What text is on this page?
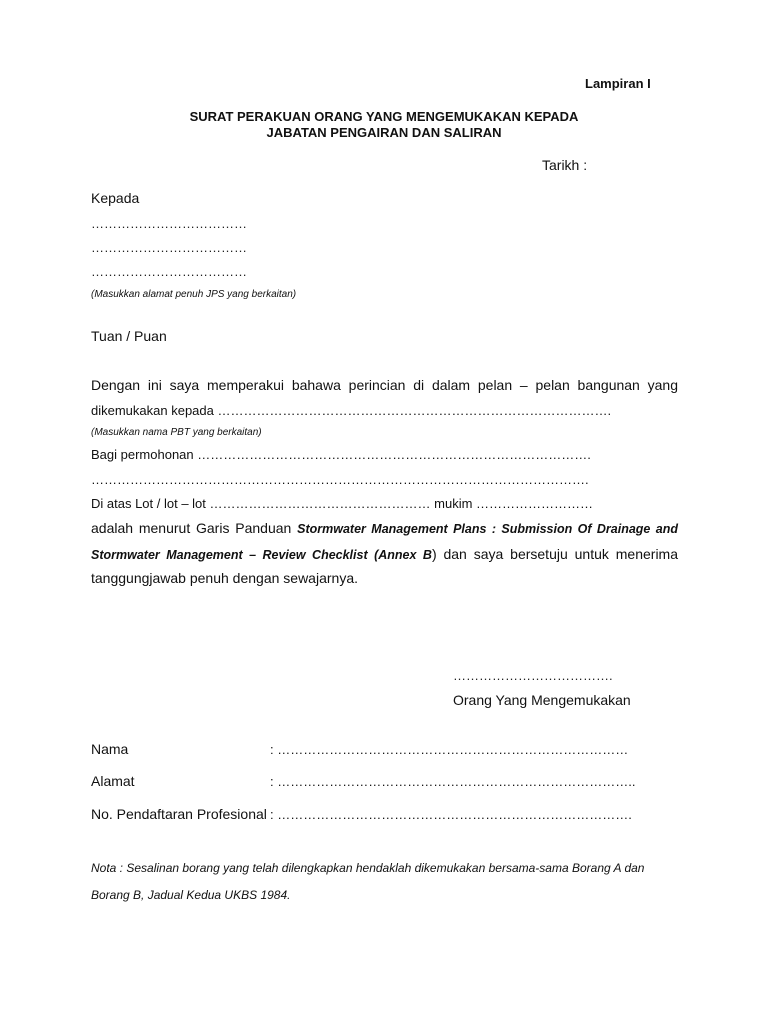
Lampiran I
SURAT PERAKUAN ORANG YANG MENGEMUKAKAN KEPADA
JABATAN PENGAIRAN DAN SALIRAN
Tarikh :
Kepada
………………………………
………………………………
………………………………
(Masukkan alamat penuh JPS yang berkaitan)
Tuan / Puan
Dengan ini saya memperakui bahawa perincian di dalam pelan – pelan bangunan yang
dikemukakan kepada ……………………………………………………………………………….
(Masukkan nama PBT yang berkaitan)
Bagi permohonan ……………………………………………………………………………….
…………………………………………………………………………………………………….
Di atas Lot / lot – lot …………………………………………… mukim ………………………
adalah menurut Garis Panduan Stormwater Management Plans : Submission Of Drainage and
Stormwater Management – Review Checklist (Annex B) dan saya bersetuju untuk menerima
tanggungjawab penuh dengan sewajarnya.
……………………………….
Orang Yang Mengemukakan
Nama	: ………………………………………………………………………
Alamat	: ………………………………………………………………………..
No. Pendaftaran Profesional : ……………………………………………………………………….
Nota : Sesalinan borang yang telah dilengkapkan hendaklah dikemukakan bersama-sama Borang A dan Borang B, Jadual Kedua UKBS 1984.
